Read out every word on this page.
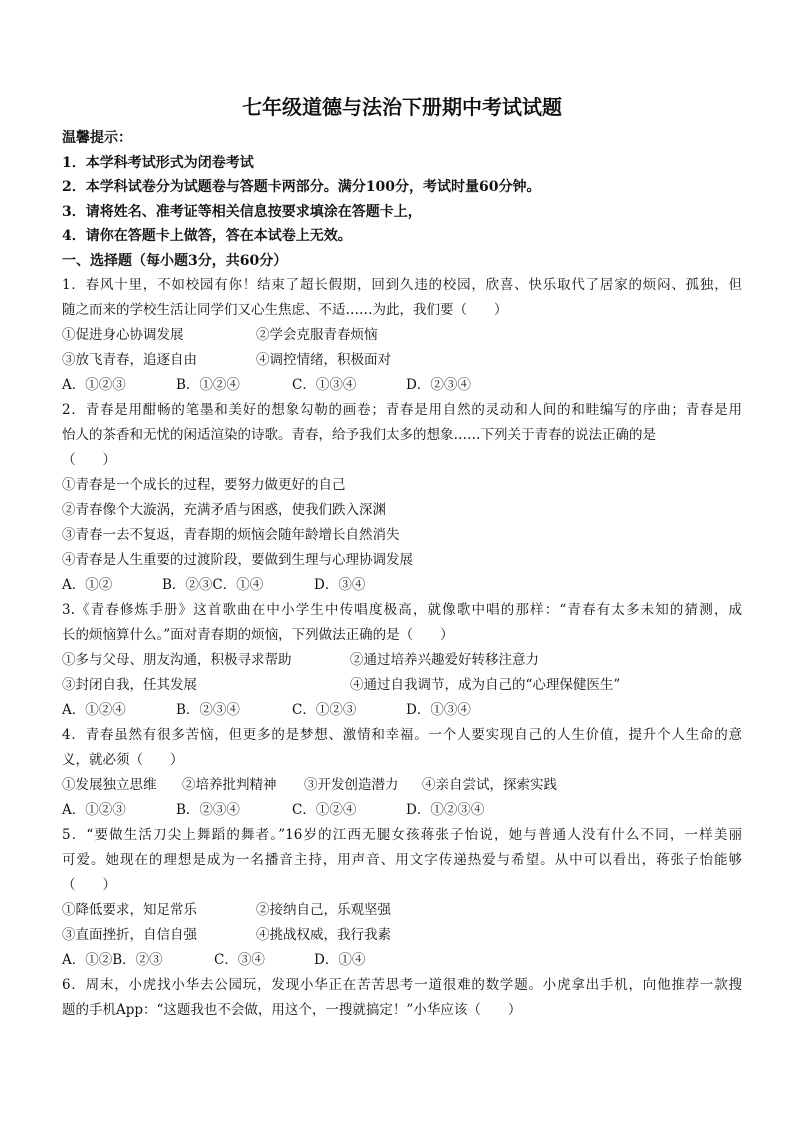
七年级道德与法治下册期中考试试题
温馨提示：
1．本学科考试形式为闭卷考试
2．本学科试卷分为试题卷与答题卡两部分。满分100分，考试时量60分钟。
3．请将姓名、准考证等相关信息按要求填涂在答题卡上，
4．请你在答题卡上做答，答在本试卷上无效。
一、选择题（每小题3分，共60分）
1．春风十里，不如校园有你！结束了超长假期，回到久违的校园，欣喜、快乐取代了居家的烦闷、孤独，但
随之而来的学校生活让同学们又心生焦虑、不适……为此，我们要（　　）
①促进身心协调发展	②学会克服青春烦恼
③放飞青春，追逐自由	④调控情绪，积极面对
A．①②③	B．①②④	C．①③④	D．②③④
2．青春是用酣畅的笔墨和美好的想象勾勒的画卷；青春是用自然的灵动和人间的和畦编写的序曲；青春是用
怡人的茶香和无忧的闲适渲染的诗歌。青春，给予我们太多的想象……下列关于青春的说法正确的是
（　　）
①青春是一个成长的过程，要努力做更好的自己
②青春像个大漩涡，充满矛盾与困惑，使我们跌入深渊
③青春一去不复返，青春期的烦恼会随年龄增长自然消失
④青春是人生重要的过渡阶段，要做到生理与心理协调发展
A．①②	B．②③C．①④	D．③④
3.《青春修炼手册》这首歌曲在中小学生中传唱度极高，就像歌中唱的那样：“青春有太多未知的猜测，成
长的烦恼算什么。”面对青春期的烦恼，下列做法正确的是（　　）
①多与父母、朋友沟通，积极寻求帮助	②通过培养兴趣爱好转移注意力
③封闭自我，任其发展	④通过自我调节，成为自己的“心理保健医生”
A．①②④	B．②③④	C．①②③	D．①③④
4．青春虽然有很多苦恼，但更多的是梦想、激情和幸福。一个人要实现自己的人生价值，提升个人生命的意
义，就必须（　　）
①发展独立思维	②培养批判精神	③开发创造潜力	④亲自尝试，探索实践
A．①②③	B．②③④	C．①②④	D．①②③④
5．“要做生活刀尖上舞蹈的舞者。”16岁的江西无腿女孩蒋张子怡说，她与普通人没有什么不同，一样美丽
可爱。她现在的理想是成为一名播音主持，用声音、用文字传递热爱与希望。从中可以看出，蒋张子怡能够
（　　）
①降低要求，知足常乐	②接纳自己，乐观坚强
③直面挫折，自信自强	④挑战权威，我行我素
A．①②B．②③	C．③④	D．①④
6．周末，小虎找小华去公园玩，发现小华正在苦苦思考一道很难的数学题。小虎拿出手机，向他推荐一款搜
题的手机App：“这题我也不会做，用这个，一搜就搞定！”小华应该（　　）
